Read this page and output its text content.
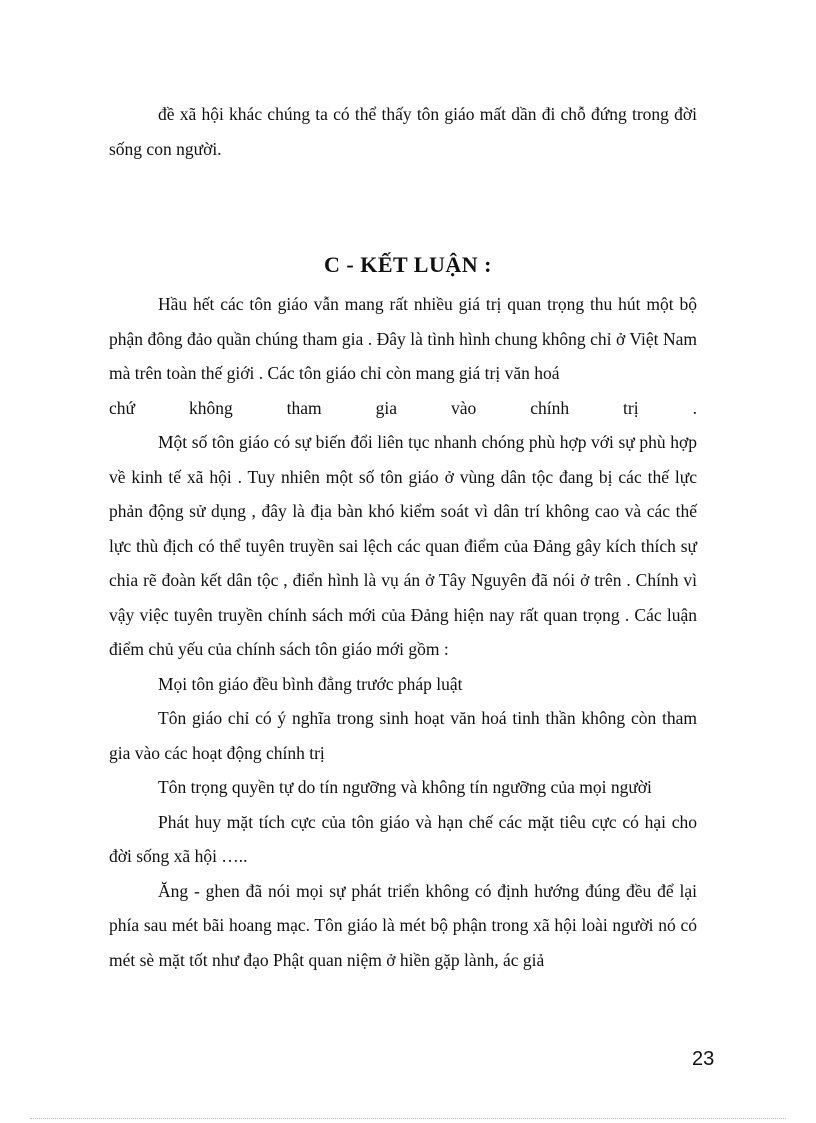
đề xã hội khác chúng ta có thể thấy tôn giáo mất dần đi chỗ đứng trong đời sống con người.

C - KẾT LUẬN :

Hầu hết các tôn giáo vẫn mang rất nhiều giá trị quan trọng thu hút một bộ phận đông đảo quần chúng tham gia . Đây là tình hình chung không chỉ ở Việt Nam mà trên toàn thế giới . Các tôn giáo chỉ còn mang giá trị văn hoá

chứ	không	tham	gia	vào	chính	trị	.

Một số tôn giáo có sự biến đổi liên tục nhanh chóng phù hợp với sự phù hợp về kinh tế xã hội . Tuy nhiên một số tôn giáo ở vùng dân tộc đang bị các thế lực phản động sử dụng , đây là địa bàn khó kiểm soát vì dân trí không cao và các thế lực thù địch có thể tuyên truyền sai lệch các quan điểm của Đảng gây kích thích sự chia rẽ đoàn kết dân tộc , điển hình là vụ án ở Tây Nguyên đã nói ở trên . Chính vì vậy việc tuyên truyền chính sách mới của Đảng hiện nay rất quan trọng . Các luận điểm chủ yếu của chính sách tôn giáo mới gồm :

Mọi tôn giáo đều bình đẳng trước pháp luật

Tôn giáo chỉ có ý nghĩa trong sinh hoạt văn hoá tinh thần không còn tham gia vào các hoạt động chính trị

Tôn trọng quyền tự do tín ngưỡng và không tín ngưỡng của mọi người

Phát huy mặt tích cực của tôn giáo và hạn chế các mặt tiêu cực có hại cho đời sống xã hội …..

Ăng - ghen đã nói mọi sự phát triển không có định hướng đúng đều để lại phía sau mét bãi hoang mạc. Tôn giáo là mét bộ phận trong xã hội loài người nó có mét sè mặt tốt như đạo Phật quan niệm ở hiền gặp lành, ác giả

23
